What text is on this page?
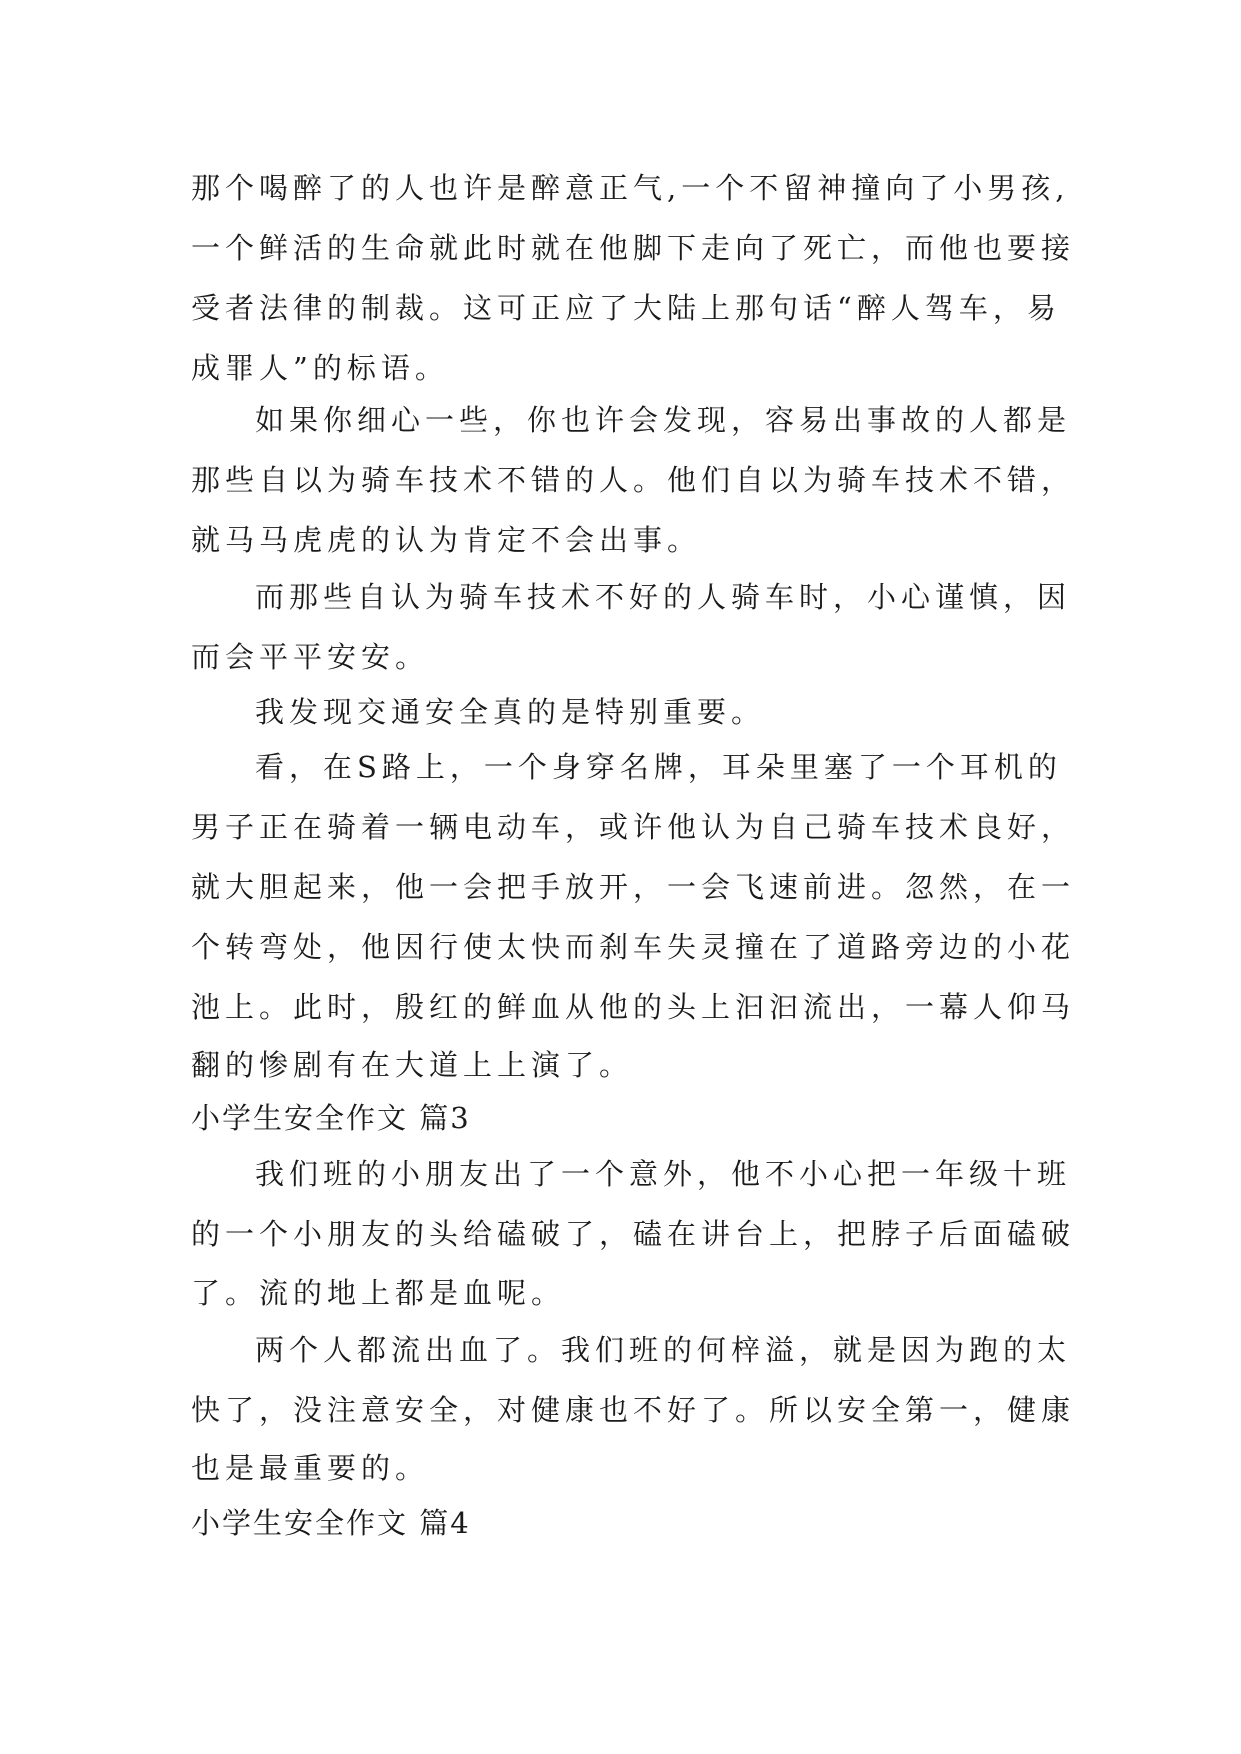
那个喝醉了的人也许是醉意正气,一个不留神撞向了小男孩,
一个鲜活的生命就此时就在他脚下走向了死亡，而他也要接
受者法律的制裁。这可正应了大陆上那句话“醉人驾车，易
成罪人”的标语。
如果你细心一些，你也许会发现，容易出事故的人都是
那些自以为骑车技术不错的人。他们自以为骑车技术不错，
就马马虎虎的认为肯定不会出事。
而那些自认为骑车技术不好的人骑车时，小心谨慎，因
而会平平安安。
我发现交通安全真的是特别重要。
看，在S路上，一个身穿名牌，耳朵里塞了一个耳机的
男子正在骑着一辆电动车，或许他认为自己骑车技术良好，
就大胆起来，他一会把手放开，一会飞速前进。忽然，在一
个转弯处，他因行使太快而刹车失灵撞在了道路旁边的小花
池上。此时，殷红的鲜血从他的头上汩汩流出，一幕人仰马
翻的惨剧有在大道上上演了。
小学生安全作文 篇3
我们班的小朋友出了一个意外，他不小心把一年级十班
的一个小朋友的头给磕破了，磕在讲台上，把脖子后面磕破
了。流的地上都是血呢。
两个人都流出血了。我们班的何梓溢，就是因为跑的太
快了，没注意安全，对健康也不好了。所以安全第一，健康
也是最重要的。
小学生安全作文 篇4
